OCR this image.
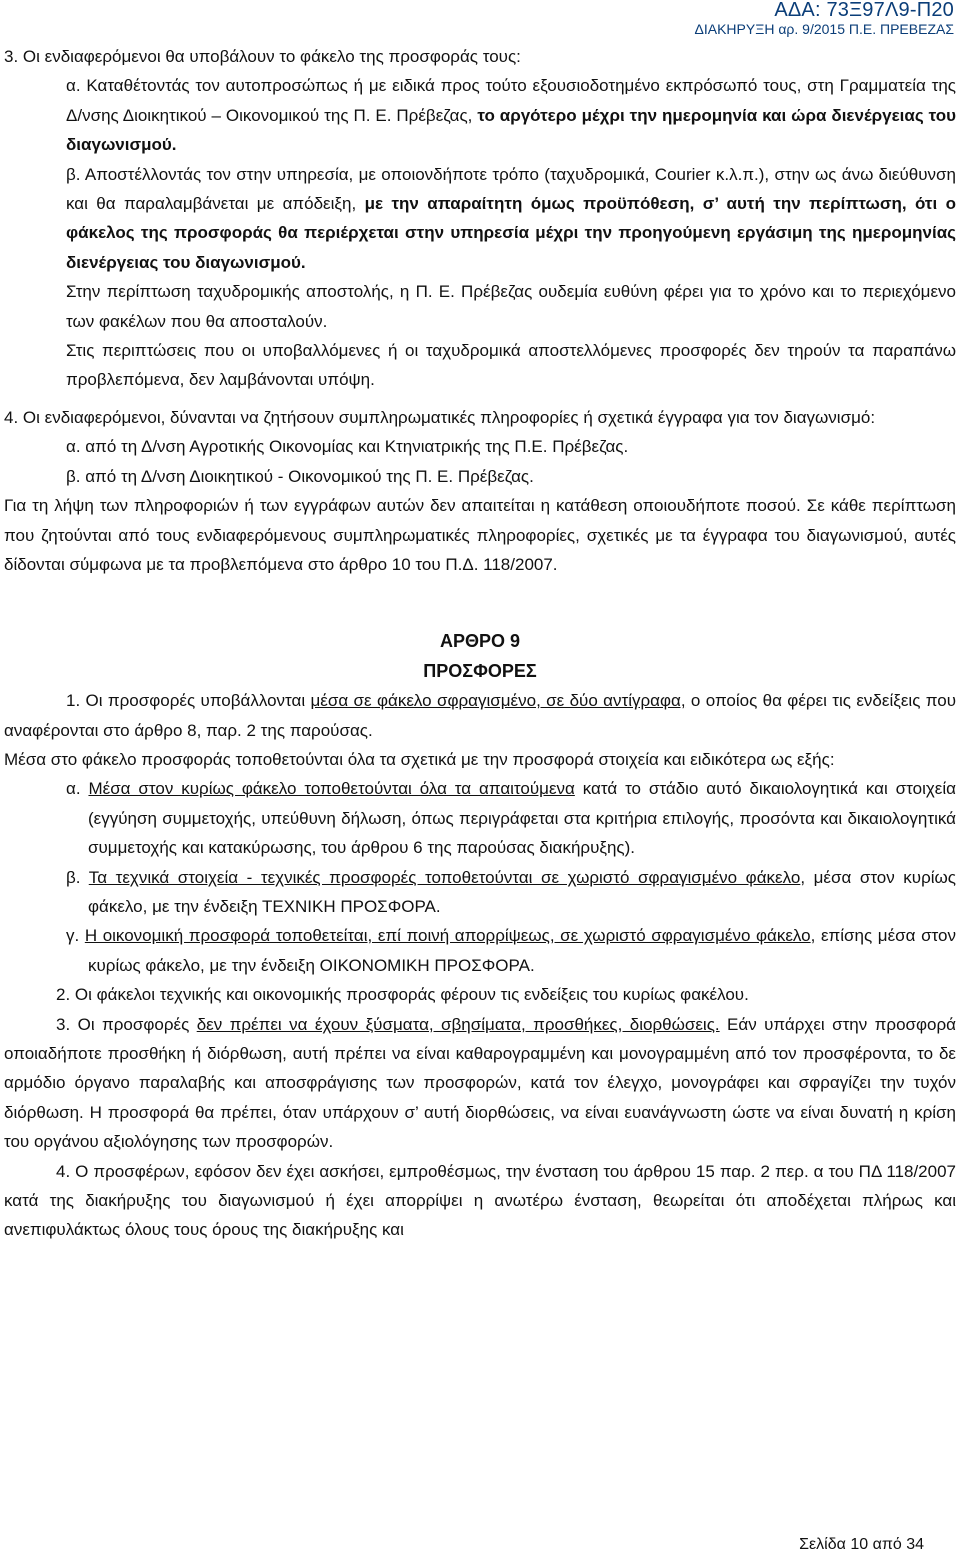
ΑΔΑ: 73Ξ97Λ9-Π20
ΔΙΑΚΗΡΥΞΗ αρ. 9/2015 Π.Ε. ΠΡΕΒΕΖΑΣ

3. Οι ενδιαφερόμενοι θα υποβάλουν το φάκελο της προσφοράς τους:

α. Καταθέτοντάς τον αυτοπροσώπως ή με ειδικά προς τούτο εξουσιοδοτημένο εκπρόσωπό τους, στη Γραμματεία της Δ/νσης Διοικητικού – Οικονομικού της Π. Ε. Πρέβεζας, το αργότερο μέχρι την ημερομηνία και ώρα διενέργειας του διαγωνισμού.

β. Αποστέλλοντάς τον στην υπηρεσία, με οποιονδήποτε τρόπο (ταχυδρομικά, Courier κ.λ.π.), στην ως άνω διεύθυνση και θα παραλαμβάνεται με απόδειξη, με την απαραίτητη όμως προϋπόθεση, σ’ αυτή την περίπτωση, ότι ο φάκελος της προσφοράς θα περιέρχεται στην υπηρεσία μέχρι την προηγούμενη εργάσιμη της ημερομηνίας διενέργειας του διαγωνισμού.

Στην περίπτωση ταχυδρομικής αποστολής, η Π. Ε. Πρέβεζας ουδεμία ευθύνη φέρει για το χρόνο και το περιεχόμενο των φακέλων που θα αποσταλούν.

Στις περιπτώσεις που οι υποβαλλόμενες ή οι ταχυδρομικά αποστελλόμενες προσφορές δεν τηρούν τα παραπάνω προβλεπόμενα, δεν λαμβάνονται υπόψη.

4. Οι ενδιαφερόμενοι, δύνανται να ζητήσουν συμπληρωματικές πληροφορίες ή σχετικά έγγραφα για τον διαγωνισμό:

α. από τη Δ/νση Αγροτικής Οικονομίας και Κτηνιατρικής της Π.Ε. Πρέβεζας.

β. από τη Δ/νση Διοικητικού - Οικονομικού της Π. Ε. Πρέβεζας.

Για τη λήψη των πληροφοριών ή των εγγράφων αυτών δεν απαιτείται η κατάθεση οποιουδήποτε ποσού. Σε κάθε περίπτωση που ζητούνται από τους ενδιαφερόμενους συμπληρωματικές πληροφορίες, σχετικές με τα έγγραφα του διαγωνισμού, αυτές δίδονται σύμφωνα με τα προβλεπόμενα στο άρθρο 10 του Π.Δ. 118/2007.

ΑΡΘΡΟ 9

ΠΡΟΣΦΟΡΕΣ

1. Οι προσφορές υποβάλλονται μέσα σε φάκελο σφραγισμένο, σε δύο αντίγραφα, ο οποίος θα φέρει τις ενδείξεις που αναφέρονται στο άρθρο 8, παρ. 2 της παρούσας.

Μέσα στο φάκελο προσφοράς τοποθετούνται όλα τα σχετικά με την προσφορά στοιχεία και ειδικότερα ως εξής:

α. Μέσα στον κυρίως φάκελο τοποθετούνται όλα τα απαιτούμενα κατά το στάδιο αυτό δικαιολογητικά και στοιχεία (εγγύηση συμμετοχής, υπεύθυνη δήλωση, όπως περιγράφεται στα κριτήρια επιλογής, προσόντα και δικαιολογητικά συμμετοχής και κατακύρωσης, του άρθρου 6 της παρούσας διακήρυξης).

β. Τα τεχνικά στοιχεία - τεχνικές προσφορές τοποθετούνται σε χωριστό σφραγισμένο φάκελο, μέσα στον κυρίως φάκελο, με την ένδειξη ΤΕΧΝΙΚΗ ΠΡΟΣΦΟΡΑ.

γ. Η οικονομική προσφορά τοποθετείται, επί ποινή απορρίψεως, σε χωριστό σφραγισμένο φάκελο, επίσης μέσα στον κυρίως φάκελο, με την ένδειξη ΟΙΚΟΝΟΜΙΚΗ ΠΡΟΣΦΟΡΑ.

2. Οι φάκελοι τεχνικής και οικονομικής προσφοράς φέρουν τις ενδείξεις του κυρίως φακέλου.

3. Οι προσφορές δεν πρέπει να έχουν ξύσματα, σβησίματα, προσθήκες, διορθώσεις. Εάν υπάρχει στην προσφορά οποιαδήποτε προσθήκη ή διόρθωση, αυτή πρέπει να είναι καθαρογραμμένη και μονογραμμένη από τον προσφέροντα, το δε αρμόδιο όργανο παραλαβής και αποσφράγισης των προσφορών, κατά τον έλεγχο, μονογράφει και σφραγίζει την τυχόν διόρθωση. Η προσφορά θα πρέπει, όταν υπάρχουν σ’ αυτή διορθώσεις, να είναι ευανάγνωστη ώστε να είναι δυνατή η κρίση του οργάνου αξιολόγησης των προσφορών.

4. Ο προσφέρων, εφόσον δεν έχει ασκήσει, εμπροθέσμως, την ένσταση του άρθρου 15 παρ. 2 περ. α του ΠΔ 118/2007 κατά της διακήρυξης του διαγωνισμού ή έχει απορρίψει η ανωτέρω ένσταση, θεωρείται ότι αποδέχεται πλήρως και ανεπιφυλάκτως όλους τους όρους της διακήρυξης και

Σελίδα 10 από 34
